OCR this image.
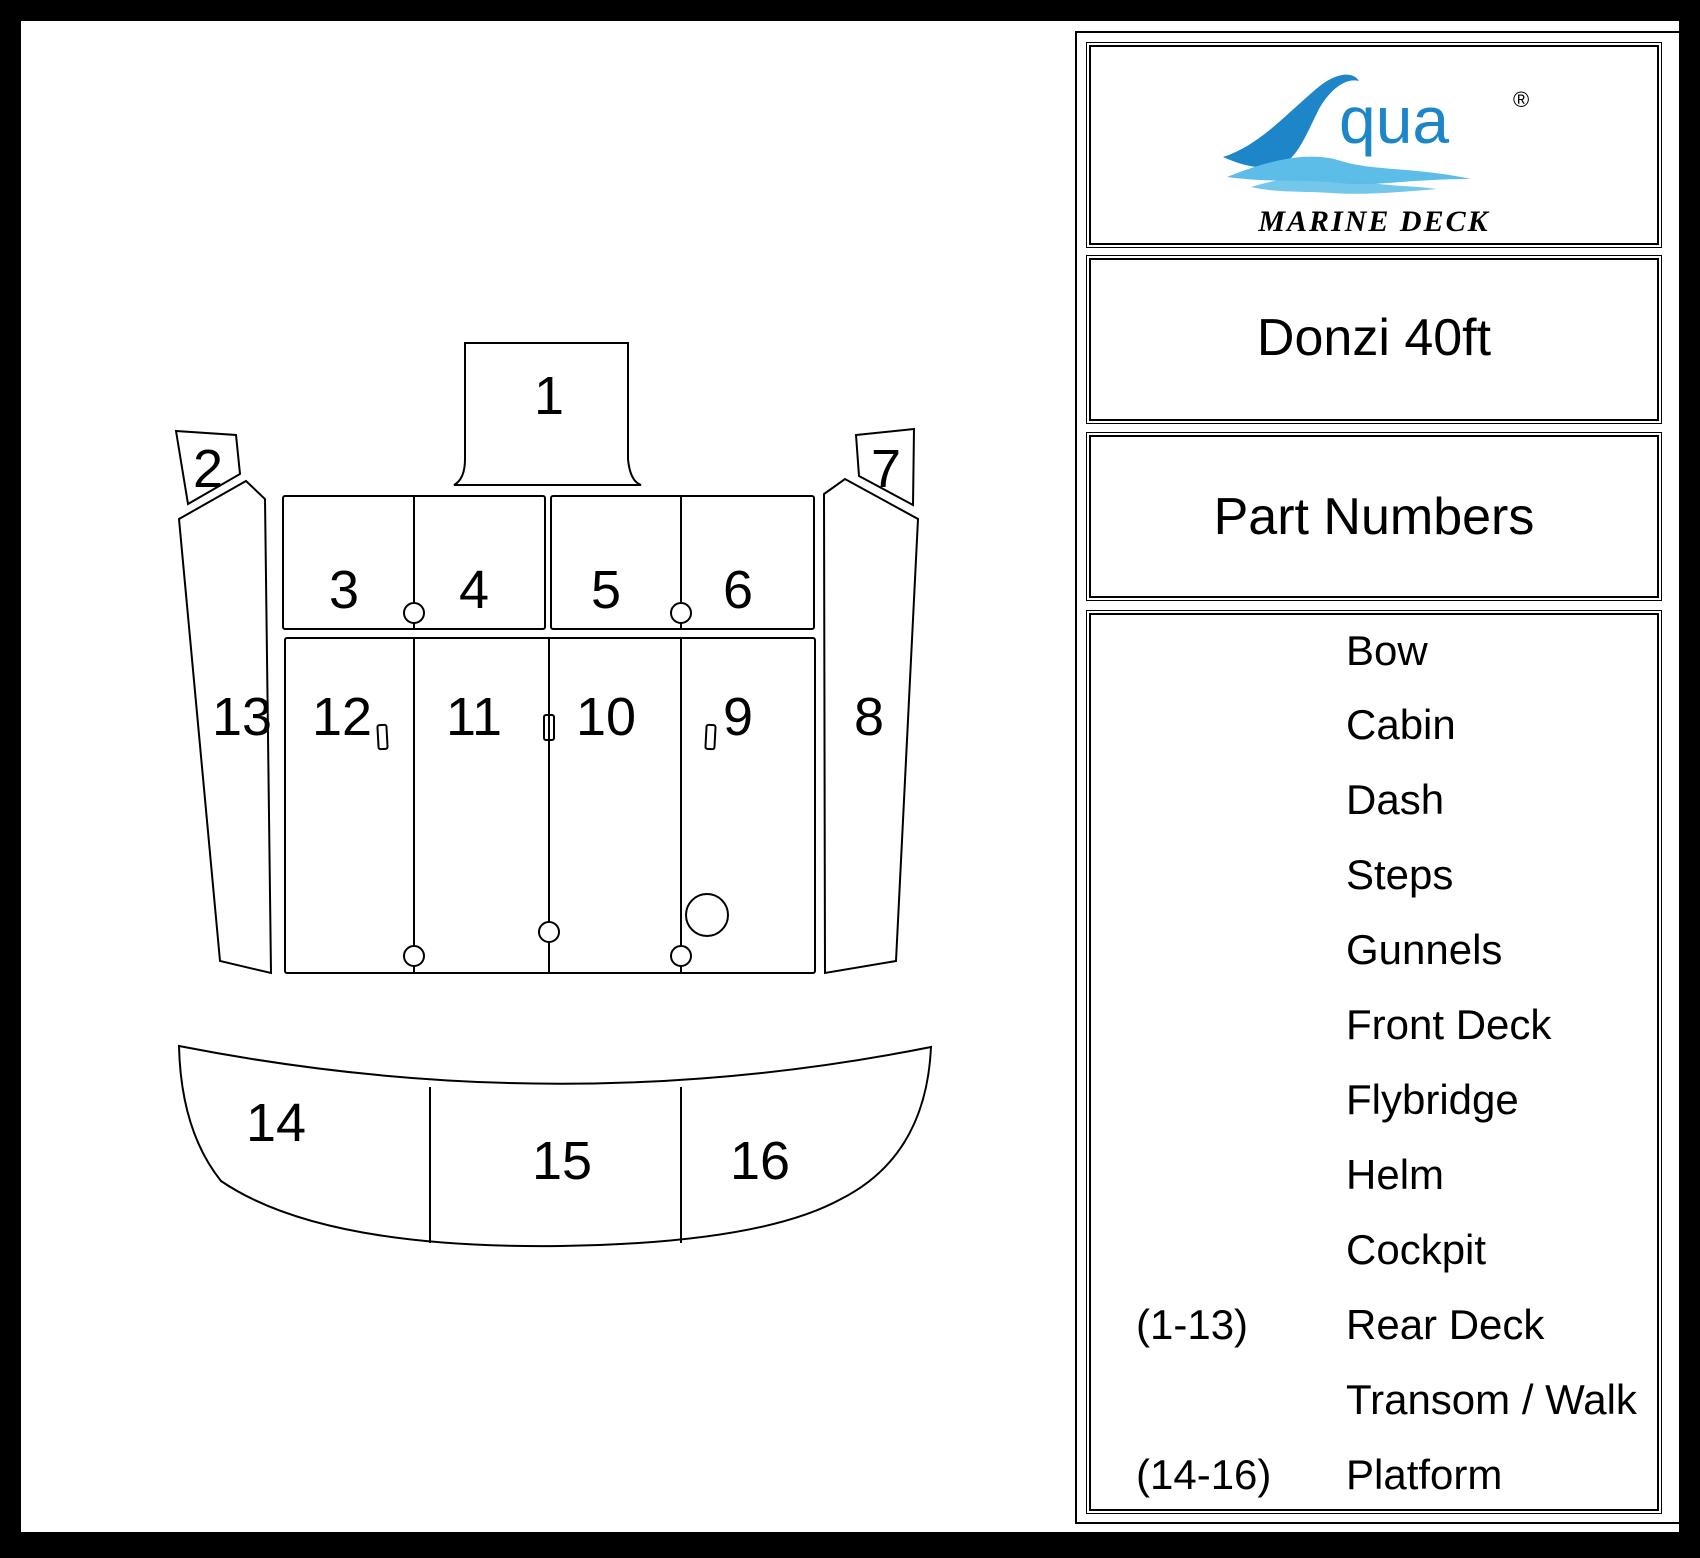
1
2
3 4 5 6
7
8
9
10
11
12
13
14
15	16
qua	®
MARINE DECK
Donzi 40ft
Part Numbers
Bow
Cabin
Dash
Steps
Gunnels
Front Deck
Flybridge
Helm
Cockpit
(1-13) Rear Deck
Transom / Walk
(14-16) Platform
